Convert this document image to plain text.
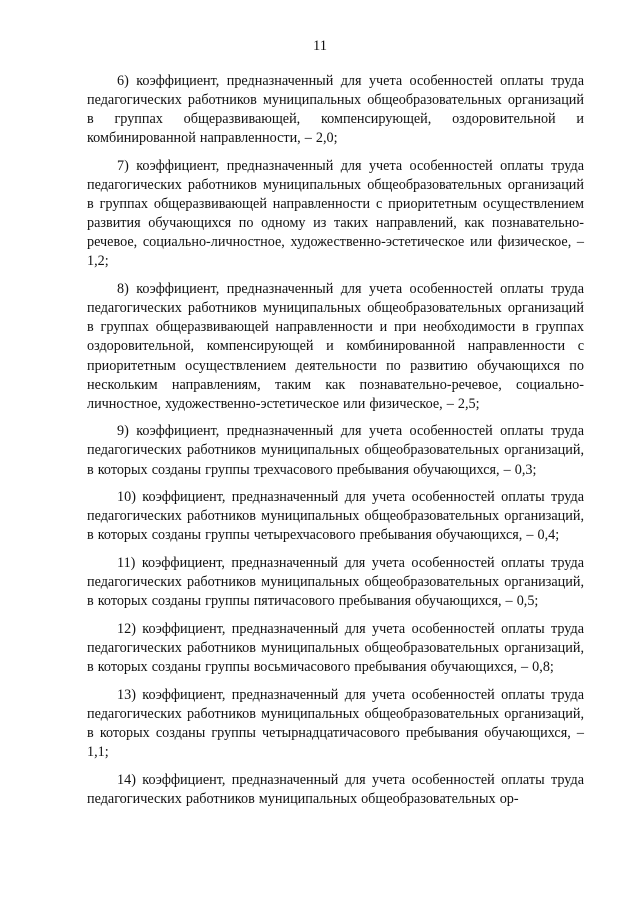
11

6) коэффициент, предназначенный для учета особенностей оплаты труда педагогических работников муниципальных общеобразовательных организаций в группах общеразвивающей, компенсирующей, оздоровительной и комбинированной направленности, – 2,0;

7) коэффициент, предназначенный для учета особенностей оплаты труда педагогических работников муниципальных общеобразовательных организаций в группах общеразвивающей направленности с приоритетным осуществлением развития обучающихся по одному из таких направлений, как познавательно-речевое, социально-личностное, художественно-эстетическое или физическое, – 1,2;

8) коэффициент, предназначенный для учета особенностей оплаты труда педагогических работников муниципальных общеобразовательных организаций в группах общеразвивающей направленности и при необходимости в группах оздоровительной, компенсирующей и комбинированной направленности с приоритетным осуществлением деятельности по развитию обучающихся по нескольким направлениям, таким как познавательно-речевое, социально-личностное, художественно-эстетическое или физическое, – 2,5;

9) коэффициент, предназначенный для учета особенностей оплаты труда педагогических работников муниципальных общеобразовательных организаций, в которых созданы группы трехчасового пребывания обучающихся, – 0,3;

10) коэффициент, предназначенный для учета особенностей оплаты труда педагогических работников муниципальных общеобразовательных организаций, в которых созданы группы четырехчасового пребывания обучающихся, – 0,4;

11) коэффициент, предназначенный для учета особенностей оплаты труда педагогических работников муниципальных общеобразовательных организаций, в которых созданы группы пятичасового пребывания обучающихся, – 0,5;

12) коэффициент, предназначенный для учета особенностей оплаты труда педагогических работников муниципальных общеобразовательных организаций, в которых созданы группы восьмичасового пребывания обучающихся, – 0,8;

13) коэффициент, предназначенный для учета особенностей оплаты труда педагогических работников муниципальных общеобразовательных организаций, в которых созданы группы четырнадцатичасового пребывания обучающихся, – 1,1;

14) коэффициент, предназначенный для учета особенностей оплаты труда педагогических работников муниципальных общеобразовательных ор-
